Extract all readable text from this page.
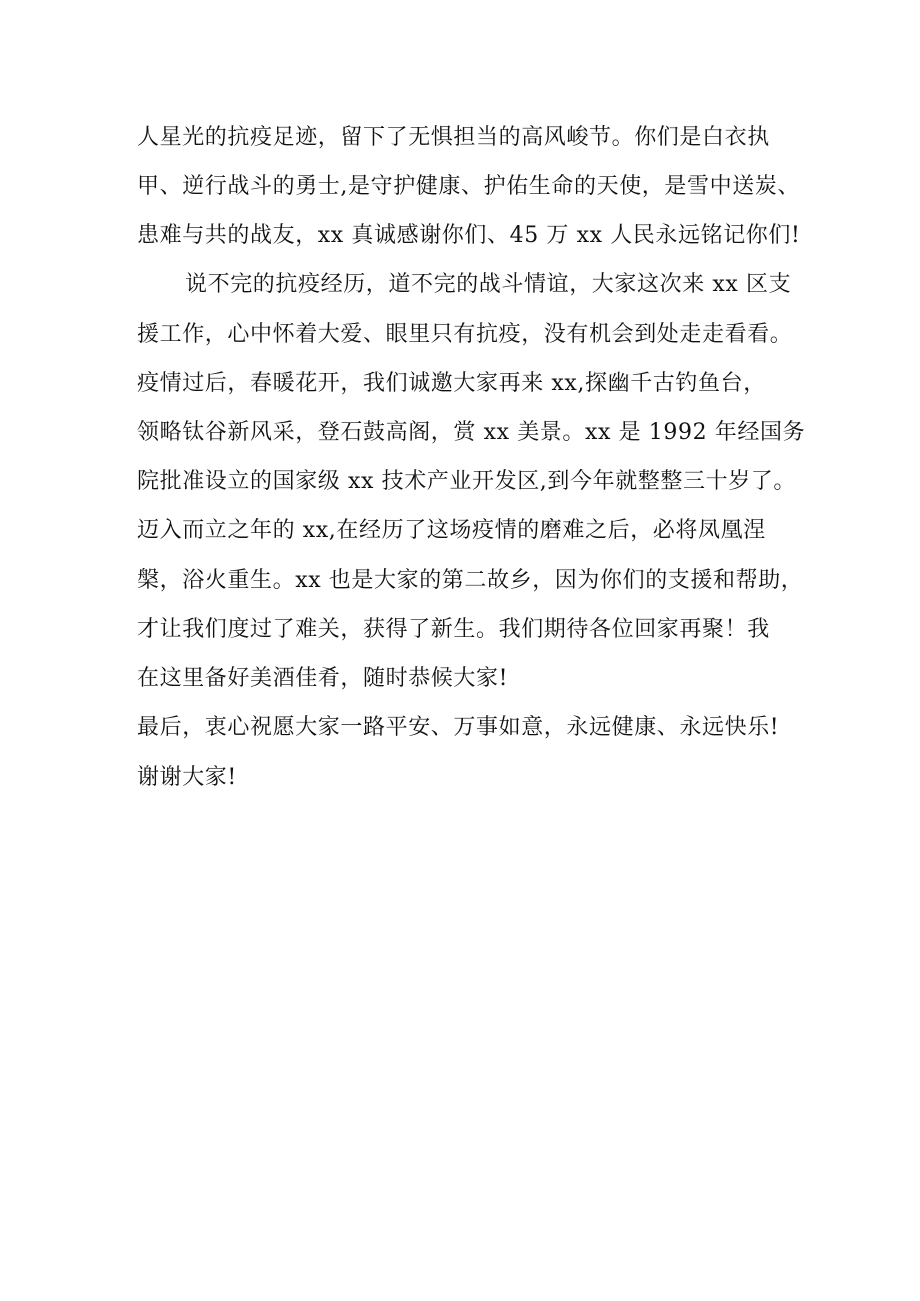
人星光的抗疫足迹，留下了无惧担当的高风峻节。你们是白衣执
甲、逆行战斗的勇士,是守护健康、护佑生命的天使，是雪中送炭、
患难与共的战友，xx 真诚感谢你们、45 万 xx 人民永远铭记你们!
说不完的抗疫经历，道不完的战斗情谊，大家这次来 xx 区支
援工作，心中怀着大爱、眼里只有抗疫，没有机会到处走走看看。
疫情过后，春暖花开，我们诚邀大家再来 xx,探幽千古钓鱼台，
领略钛谷新风采，登石鼓高阁，赏 xx 美景。xx 是 1992 年经国务
院批准设立的国家级 xx 技术产业开发区,到今年就整整三十岁了。
迈入而立之年的 xx,在经历了这场疫情的磨难之后，必将凤凰涅
槃，浴火重生。xx 也是大家的第二故乡，因为你们的支援和帮助，
才让我们度过了难关，获得了新生。我们期待各位回家再聚！我
在这里备好美酒佳肴，随时恭候大家!
最后，衷心祝愿大家一路平安、万事如意，永远健康、永远快乐!
谢谢大家!
